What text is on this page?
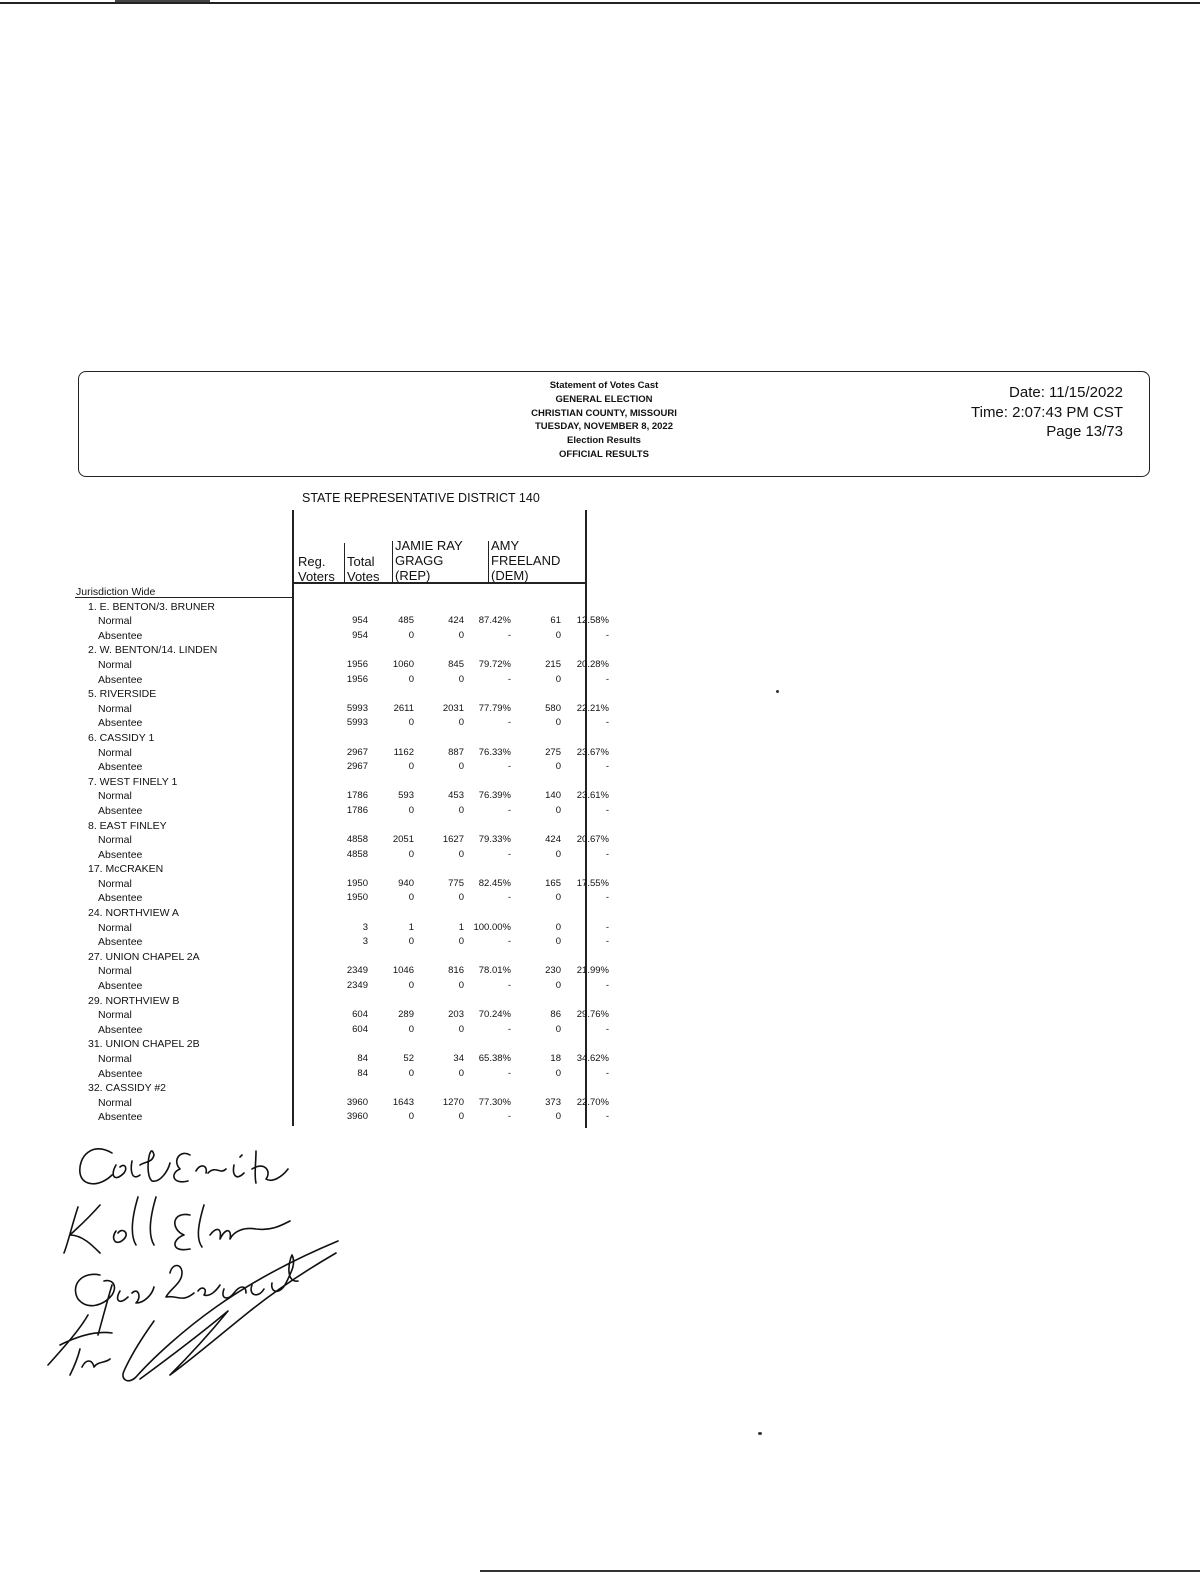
Statement of Votes Cast
GENERAL ELECTION
CHRISTIAN COUNTY, MISSOURI
TUESDAY, NOVEMBER 8, 2022
Election Results
OFFICIAL RESULTS
Date: 11/15/2022
Time: 2:07:43 PM CST
Page 13/73
STATE REPRESENTATIVE DISTRICT 140
Reg.
Voters
Total
Votes
JAMIE RAY
GRAGG
(REP)
AMY
FREELAND
(DEM)
Jurisdiction Wide						
1. E. BENTON/3. BRUNER						
Normal	954	485	424	87.42%	61	12.58%
Absentee	954	0	0	-	0	-
2. W. BENTON/14. LINDEN						
Normal	1956	1060	845	79.72%	215	20.28%
Absentee	1956	0	0	-	0	-
5. RIVERSIDE						
Normal	5993	2611	2031	77.79%	580	22.21%
Absentee	5993	0	0	-	0	-
6. CASSIDY 1						
Normal	2967	1162	887	76.33%	275	23.67%
Absentee	2967	0	0	-	0	-
7. WEST FINELY 1						
Normal	1786	593	453	76.39%	140	23.61%
Absentee	1786	0	0	-	0	-
8. EAST FINLEY						
Normal	4858	2051	1627	79.33%	424	20.67%
Absentee	4858	0	0	-	0	-
17. McCRAKEN						
Normal	1950	940	775	82.45%	165	17.55%
Absentee	1950	0	0	-	0	-
24. NORTHVIEW A						
Normal	3	1	1	100.00%	0	-
Absentee	3	0	0	-	0	-
27. UNION CHAPEL 2A						
Normal	2349	1046	816	78.01%	230	21.99%
Absentee	2349	0	0	-	0	-
29. NORTHVIEW B						
Normal	604	289	203	70.24%	86	29.76%
Absentee	604	0	0	-	0	-
31. UNION CHAPEL 2B						
Normal	84	52	34	65.38%	18	34.62%
Absentee	84	0	0	-	0	-
32. CASSIDY #2						
Normal	3960	1643	1270	77.30%	373	22.70%
Absentee	3960	0	0	-	0	-
